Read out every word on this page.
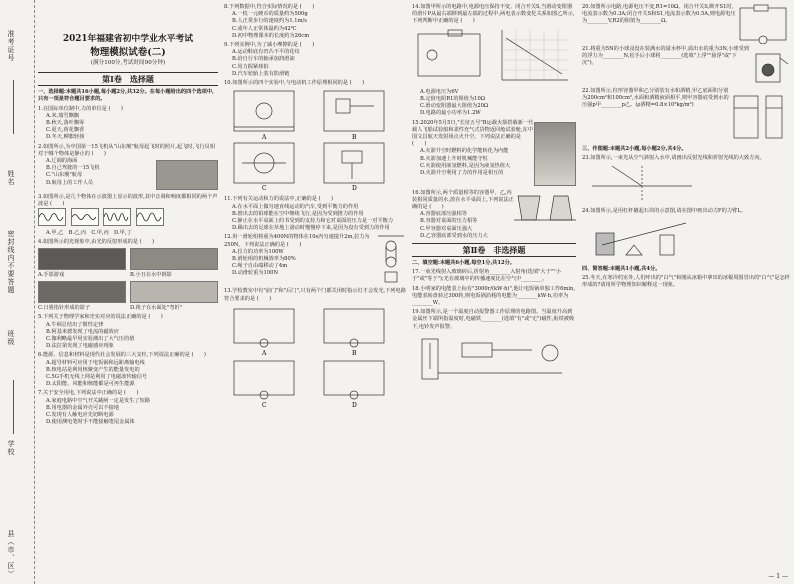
准考证号
姓名
密封线内不要答题
班级
学校
县（市、区）
2021年福建省初中学业水平考试
物理模拟试卷(二)
(满分100分,考试时间90分钟)
第Ⅰ卷　选择题
一、选择题:本题共16小题,每小题2分,共32分。在每小题给出的四个选项中,只有一项是符合题目要求的。
1.在国际单位制中,力的单位是 (　　)
A.米,瑞雪飘飘
B.秋天,落叶飘零
C.夏天,荷花飘香
D.冬天,柳絮轻扬
2.如图所示,为中国第一15飞机从"山东舰"航母起飞时的照片,起飞时,飞行员相对于哪个物体是静止的 (　　)
A.辽阔的海面
B.自己驾驶的一15飞机
C."山东舰"航母
D.航母上的工作人员
3.如图所示,是几个物体在示波器上显示的波形,其中音调和响度都相同的两个声波是 (　　)

A.甲,乙　 B.乙,丙　 C.甲,丙　 D.甲,丁
4.如图所示的光现象中,由光的反射形成的是 (　　)
A.手影游戏	B.小丑在水中倒影
C.日晷指针形成的影子	D.筷子在水面处"弯折"
5.下列关于物理学家和史实对应的说法正确的是 (　　)
A.牛顿总结出了惯性定律
B.阿基米德发现了电流的磁效应
C.伽利略最早用实验测出了大气压的值
D.法拉第发现了电磁感应现象
6.能源、信息和材料是现代社会发展的三大支柱,下列说法正确的是 (　　)
A.超导材料可应用于电饭锅和远距离输电线
B.核电站是利用核聚变产生的能量发电的
C.5G手机无线上网是利用了电磁波传输信号
D.太阳能、风能和核能都是可再生能源
7.关于安全用电,下列说法中正确的是 (　　)
A.家庭电路中空气开关跳闸一定是发生了短路
B.用电器的金属外壳可以不接地
C.发现有人触电应先切断电源
D.使用测电笔时手不能接触笔尾金属体
8.下列数据中,符合实际情况的是 (　　)
A.一枚一元硬币的质量约为500g
B.人正常步行的速度约为1.1m/s
C.成年人正常体温约为42℃
D.初中物理课本的长度约为26cm
9.下列实例中,为了减小摩擦的是 (　　)
A.运动鞋底有凹凸不平的花纹
B.给自行车的轴承加润滑油
C.用力握紧球拍
D.汽车轮胎上装有防滑链
10.如图所示的四个实验中,与电动机工作原理相同的是 (　　)
A	B
C	D
11.下列有关运动和力的说法中,正确的是 (　　)
A.在水平面上做匀速直线运动的汽车,受到平衡力的作用
B.推出去的铅球能在空中继续飞行,是因为受到推力的作用
C.静止在水平桌面上的书受到的支持力和它对桌面的压力是一对平衡力
D.踢出去的足球在草地上滚动时慢慢停下来,是因为没有受到力的作用
12.用一滑轮组将重为400N的物体在10s内匀速提升2m,拉力为250N。下列说法正确的是 (　　)
A.拉力的功率为100W
B.滑轮组的机械效率为80%
C.绳子自由端移动了4m
D.动滑轮重为100N
13.学校教室中有"前门"和"后门",只有两个门都关闭时指示灯才会发光,下列电路符合要求的是 (　　)
A	B
C	D
14.如图甲所示的电路中,电源电压保持不变。闭合开关S,当滑动变阻器的滑片P从最右端移到最左端的过程中,两电表示数变化关系如图乙所示,下列判断中正确的是 (　　)
A.电源电压为6V
B.定值电阻R1的阻值为10Ω
C.滑动变阻器最大阻值为20Ω
D.电路的最小功率为1.2W
15.2020年5月5日,"长征五号"B运载火箭搭载新一代载人飞船试验船和柔性充气式货物返回舱试验舱,在中国文昌航天发射场点火升空。下列说法正确的是 (　　)
A.火箭升空时燃料的化学能转化为内能
B.火箭加速上升时机械能守恒
C.火箭使用液氢燃料,是因为液氢热值大
D.火箭升空利用了力的作用是相互的
16.如图所示,两个质量相等的容器甲、乙,内装相同质量的水,放在水平桌面上,下列说法正确的是 (　　)
A.容器底部压强相等
B.容器对桌面的压力相等
C.甲容器对桌面压强大
D.乙容器底部受到水的压力大
第Ⅱ卷　非选择题
二、填空题:本题共6小题,每空1分,共12分。
17.一束光线射入玻璃砖后,折射角________入射角(选填"大于""小于"或"等于");光在玻璃中的传播速度比在空气中________。
18.小明家的电能表上标有"3000r/(kW·h)",他让电饭锅单独工作6min,电能表转盘转过300转,则电饭锅消耗的电能为________kW·h,功率为________W。
19.如图所示,是一个温度自动报警器工作原理的电路图。当温度升高到金属丝下端所指温度时,电磁铁________(选填"有"或"无")磁性,衔铁被吸下,电铃发声报警。
20.如图所示电路,电源电压不变,R1=10Ω。闭合开关S,断开S1时,电流表示数为0.3A;闭合开关S和S1,电流表示数为0.5A,则电源电压为________V,R2的阻值为________Ω。
21.将重为5N的小球浸没在装满水的溢水杯中,溢出水的重为3N,小球受到的浮力为________N,松手后小球将________(选填"上浮""悬浮"或"下沉")。
22.如图所示,柱形容器甲和乙分别装有水和酒精,甲乙底面积分别为200cm²和100cm²,水面和酒精液面相平,则甲容器底受到水的压强p甲________p乙。(ρ酒精=0.8×10³kg/m³)
三、作图题:本题共2小题,每小题2分,共4分。
23.如图所示,一束光从空气斜射入水中,请画出反射光线和折射光线的大致方向。
24.如图所示,是用杠杆撬起石块的示意图,请在图中画出动力F的力臂L。
四、简答题:本题共1小题,共4分。
25.冬天,在寒冷的室外,人们呼出的"白气"和刚从冰箱中拿出的冰棍周围冒出的"白气"是怎样形成的?请用所学物理知识解释这一现象。
— 1 —
